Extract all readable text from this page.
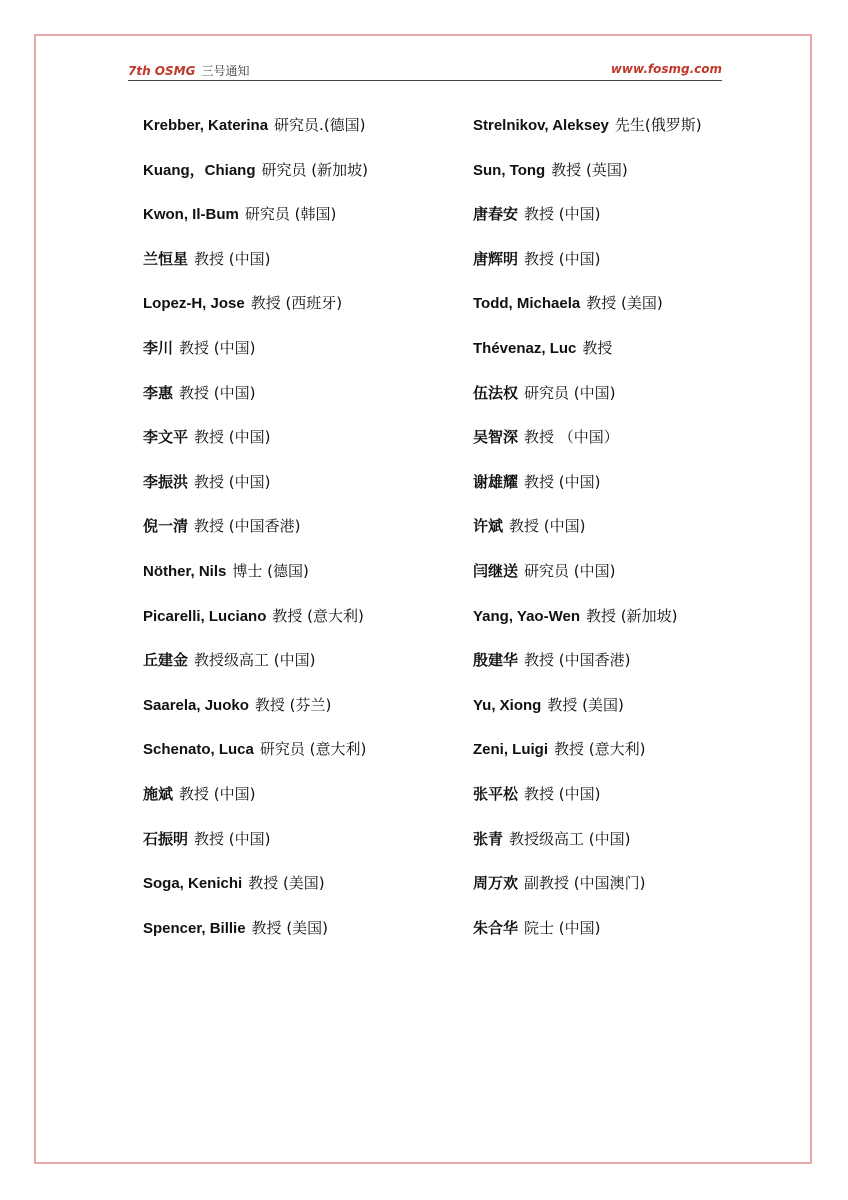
7th OSMG 三号通知	www.fosmg.com
Krebber, Katerina 研究员.(德国)
Kuang，Chiang 研究员 (新加坡)
Kwon, Il-Bum 研究员 (韩国)
兰恒星 教授 (中国)
Lopez-H, Jose 教授 (西班牙)
李川 教授 (中国)
李惠 教授 (中国)
李文平 教授 (中国)
李振洪 教授 (中国)
倪一清 教授 (中国香港)
Nöther, Nils 博士 (德国)
Picarelli, Luciano 教授 (意大利)
丘建金 教授级高工 (中国)
Saarela, Juoko 教授 (芬兰)
Schenato, Luca 研究员 (意大利)
施斌 教授 (中国)
石振明 教授 (中国)
Soga, Kenichi 教授 (美国)
Spencer, Billie 教授 (美国)
Strelnikov, Aleksey 先生(俄罗斯)
Sun, Tong 教授 (英国)
唐春安 教授 (中国)
唐辉明 教授 (中国)
Todd, Michaela 教授 (美国)
Thévenaz, Luc 教授
伍法权 研究员 (中国)
吴智深 教授 （中国）
谢雄耀 教授 (中国)
许斌 教授 (中国)
闫继送 研究员 (中国)
Yang, Yao-Wen 教授 (新加坡)
殷建华 教授 (中国香港)
Yu, Xiong 教授 (美国)
Zeni, Luigi 教授 (意大利)
张平松 教授 (中国)
张青 教授级高工 (中国)
周万欢 副教授 (中国澳门)
朱合华 院士 (中国)
